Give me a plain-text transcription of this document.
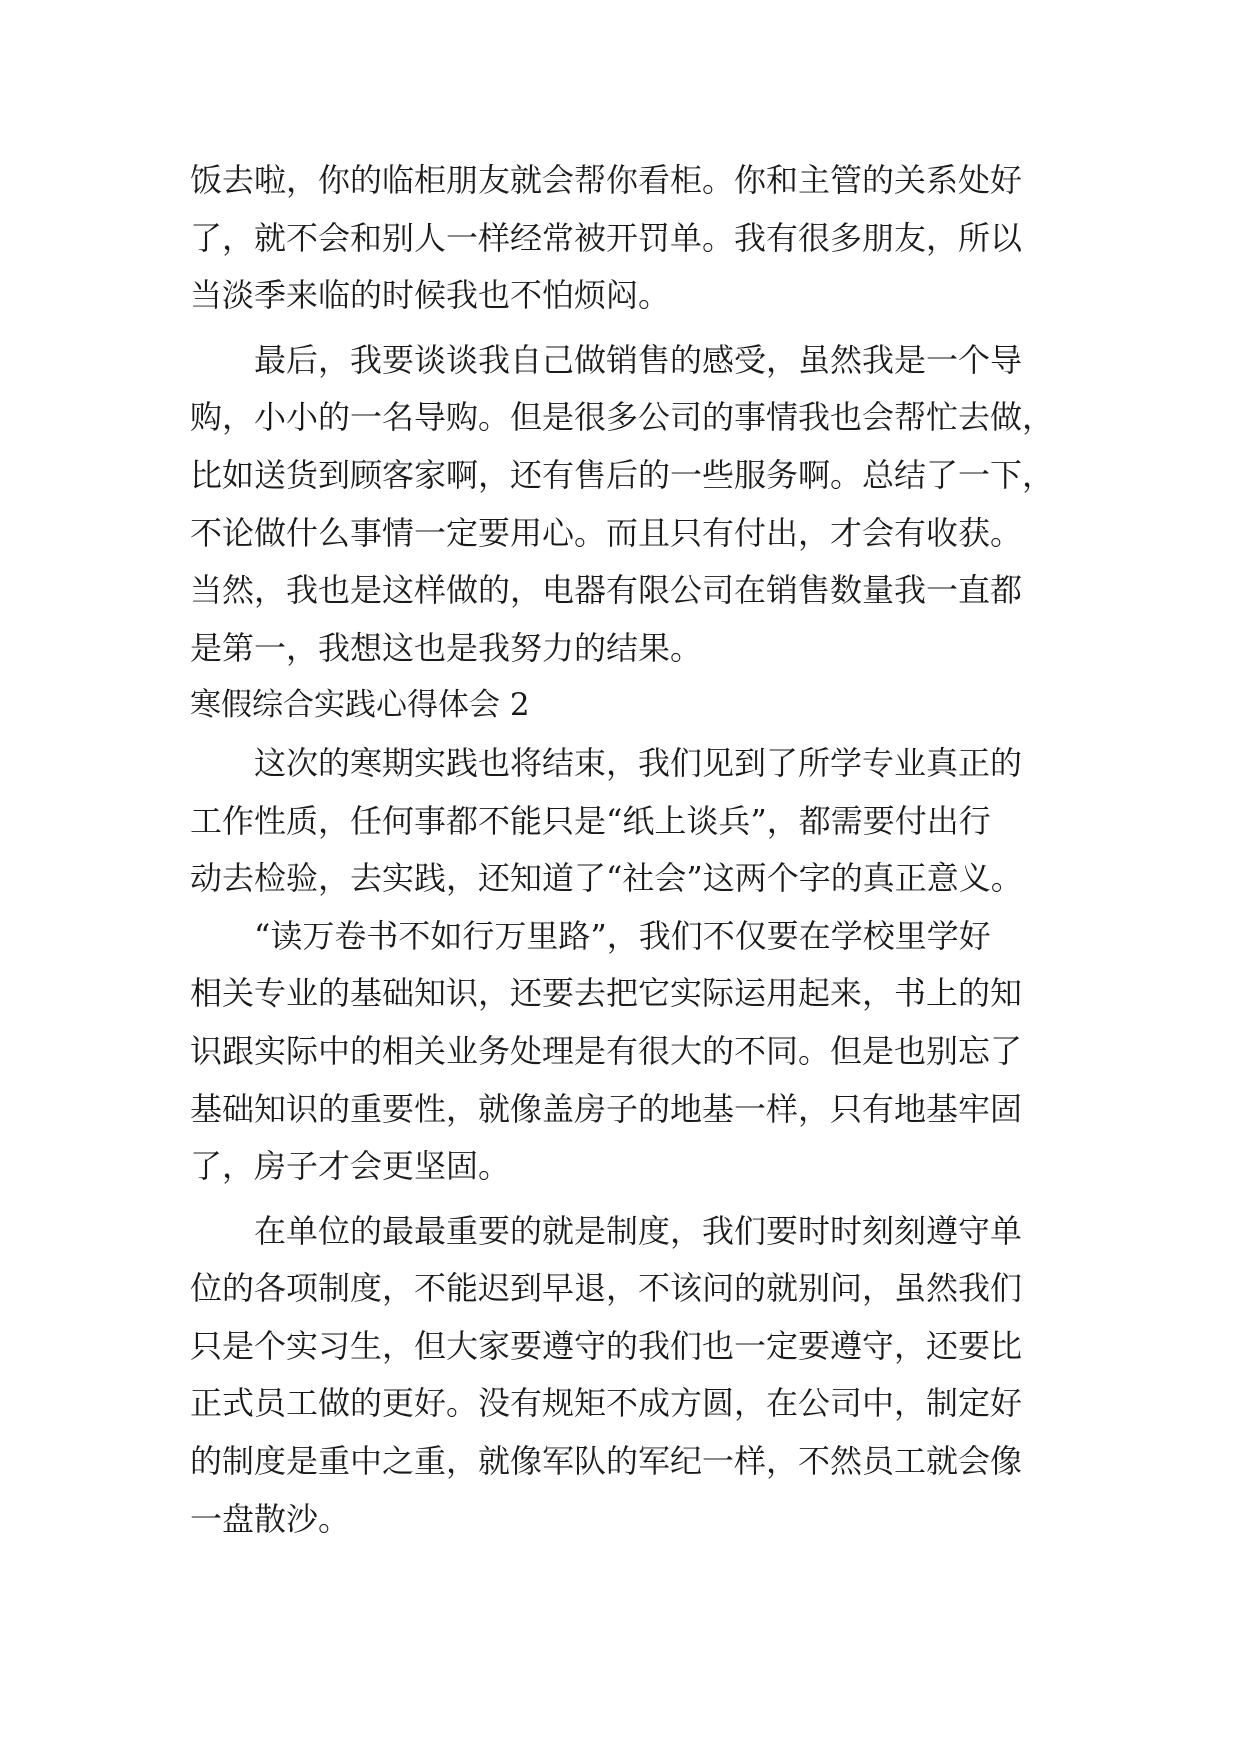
饭去啦，你的临柜朋友就会帮你看柜。你和主管的关系处好
了，就不会和别人一样经常被开罚单。我有很多朋友，所以
当淡季来临的时候我也不怕烦闷。
最后，我要谈谈我自己做销售的感受，虽然我是一个导
购，小小的一名导购。但是很多公司的事情我也会帮忙去做，
比如送货到顾客家啊，还有售后的一些服务啊。总结了一下，
不论做什么事情一定要用心。而且只有付出，才会有收获。
当然，我也是这样做的，电器有限公司在销售数量我一直都
是第一，我想这也是我努力的结果。
寒假综合实践心得体会 2
这次的寒期实践也将结束，我们见到了所学专业真正的
工作性质，任何事都不能只是“纸上谈兵”，都需要付出行
动去检验，去实践，还知道了“社会”这两个字的真正意义。
“读万卷书不如行万里路”，我们不仅要在学校里学好
相关专业的基础知识，还要去把它实际运用起来，书上的知
识跟实际中的相关业务处理是有很大的不同。但是也别忘了
基础知识的重要性，就像盖房子的地基一样，只有地基牢固
了，房子才会更坚固。
在单位的最最重要的就是制度，我们要时时刻刻遵守单
位的各项制度，不能迟到早退，不该问的就别问，虽然我们
只是个实习生，但大家要遵守的我们也一定要遵守，还要比
正式员工做的更好。没有规矩不成方圆，在公司中，制定好
的制度是重中之重，就像军队的军纪一样，不然员工就会像
一盘散沙。
